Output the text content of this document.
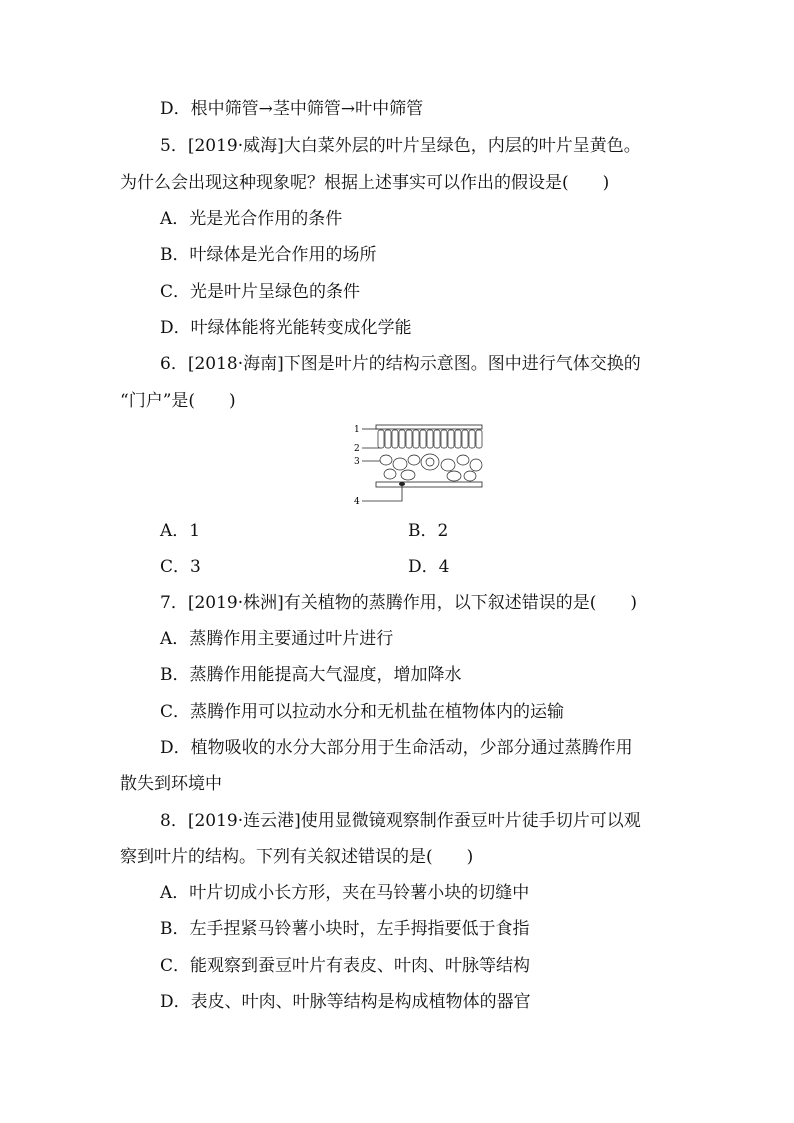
D．根中筛管→茎中筛管→叶中筛管
5．[2019·威海]大白菜外层的叶片呈绿色，内层的叶片呈黄色。
为什么会出现这种现象呢？根据上述事实可以作出的假设是(　　)
A．光是光合作用的条件
B．叶绿体是光合作用的场所
C．光是叶片呈绿色的条件
D．叶绿体能将光能转变成化学能
6．[2018·海南]下图是叶片的结构示意图。图中进行气体交换的
“门户”是(　　)
1
2
3
4
A．1	B．2
C．3	D．4
7．[2019·株洲]有关植物的蒸腾作用，以下叙述错误的是(　　)
A．蒸腾作用主要通过叶片进行
B．蒸腾作用能提高大气湿度，增加降水
C．蒸腾作用可以拉动水分和无机盐在植物体内的运输
D．植物吸收的水分大部分用于生命活动，少部分通过蒸腾作用
散失到环境中
8．[2019·连云港]使用显微镜观察制作蚕豆叶片徒手切片可以观
察到叶片的结构。下列有关叙述错误的是(　　)
A．叶片切成小长方形，夹在马铃薯小块的切缝中
B．左手捏紧马铃薯小块时，左手拇指要低于食指
C．能观察到蚕豆叶片有表皮、叶肉、叶脉等结构
D．表皮、叶肉、叶脉等结构是构成植物体的器官
